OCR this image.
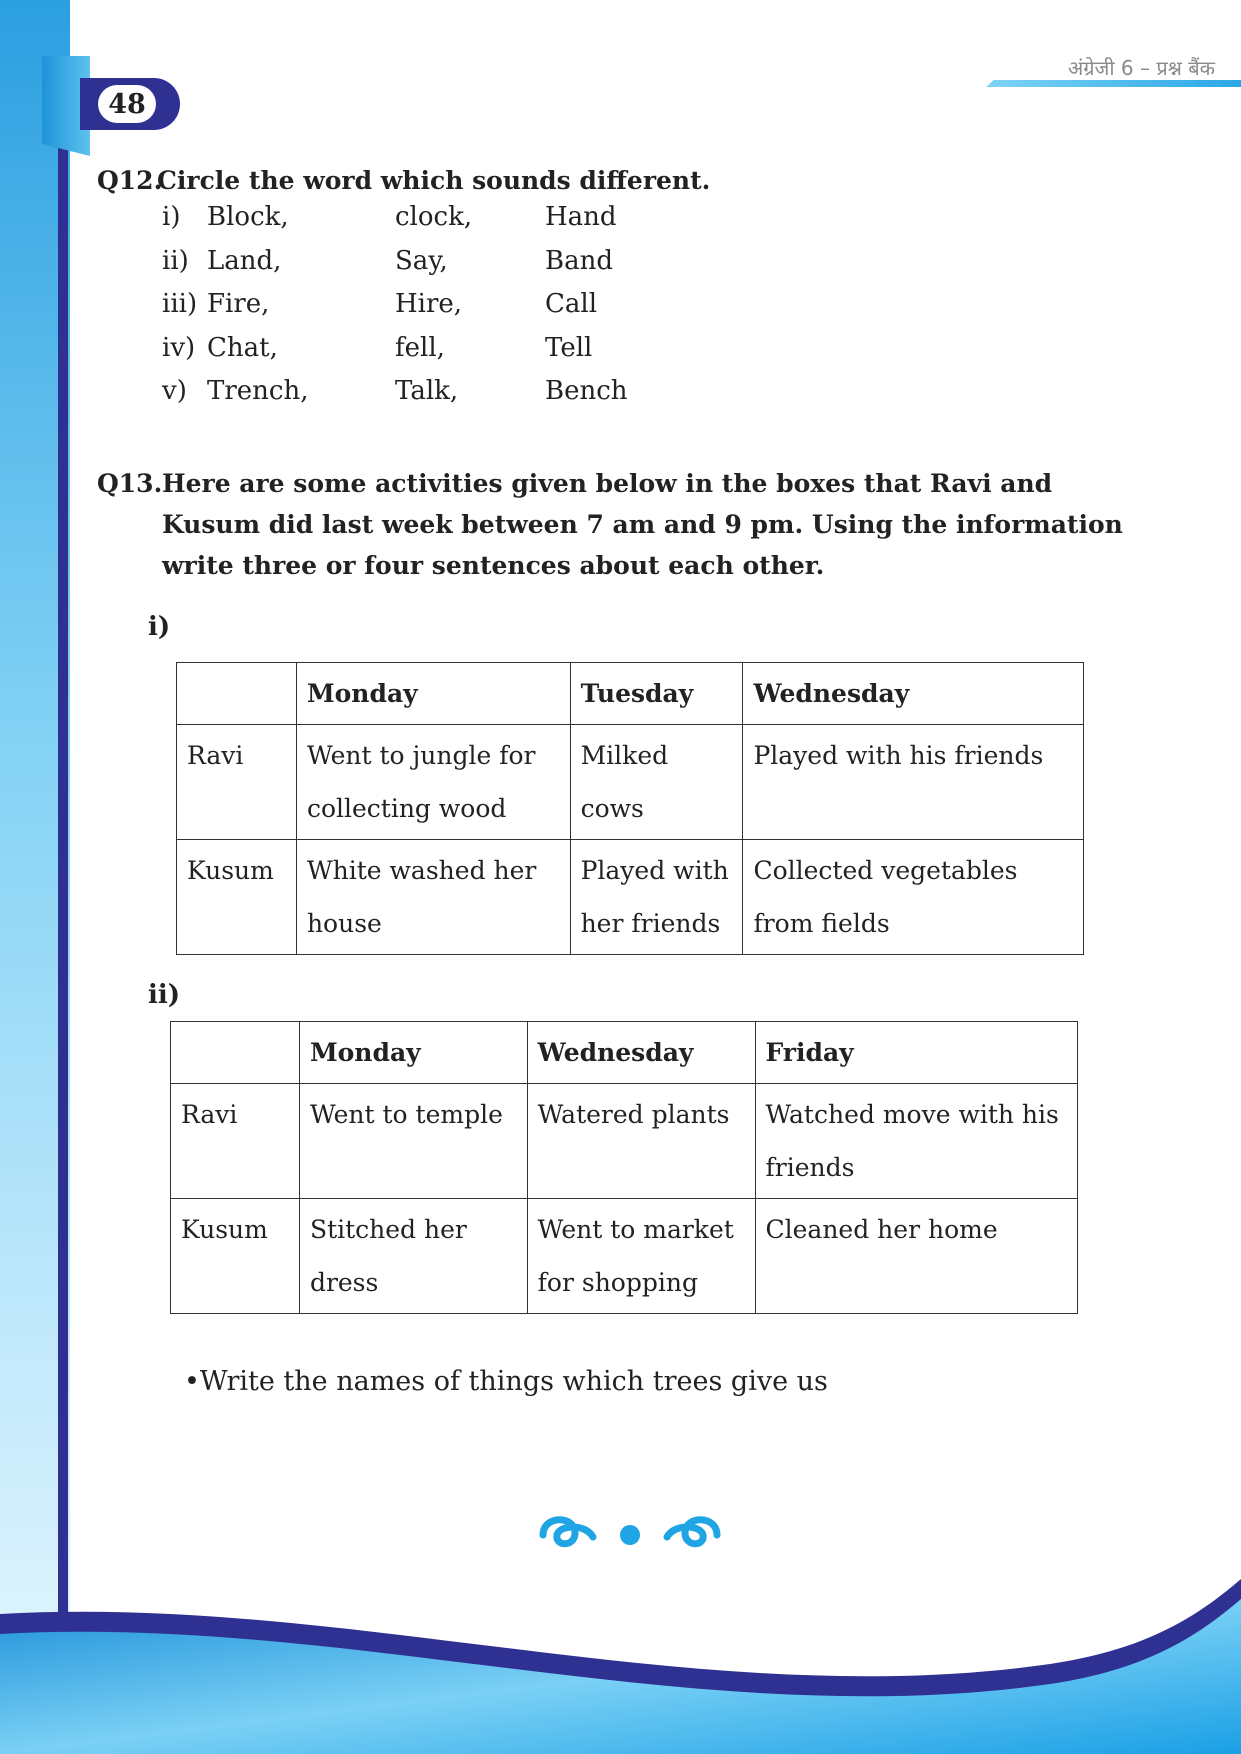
48
अंग्रेजी 6 – प्रश्न बैंक
Q12.
Circle the word which sounds different.
i) Block,	clock,	Hand
ii) Land,	Say,	Band
iii) Fire,	Hire,	Call
iv) Chat,	fell,	Tell
v) Trench,	Talk,	Bench
Q13. Here are some activities given below in the boxes that Ravi and Kusum did last week between 7 am and 9 pm. Using the information write three or four sentences about each other.
i)
	Monday	Tuesday	Wednesday
Ravi	Went to jungle for collecting wood	Milked cows	Played with his friends
Kusum	White washed her house	Played with her friends	Collected vegetables from fields
ii)
	Monday	Wednesday	Friday
Ravi	Went to temple	Watered plants	Watched move with his friends
Kusum	Stitched her dress	Went to market for shopping	Cleaned her home
•Write the names of things which trees give us
